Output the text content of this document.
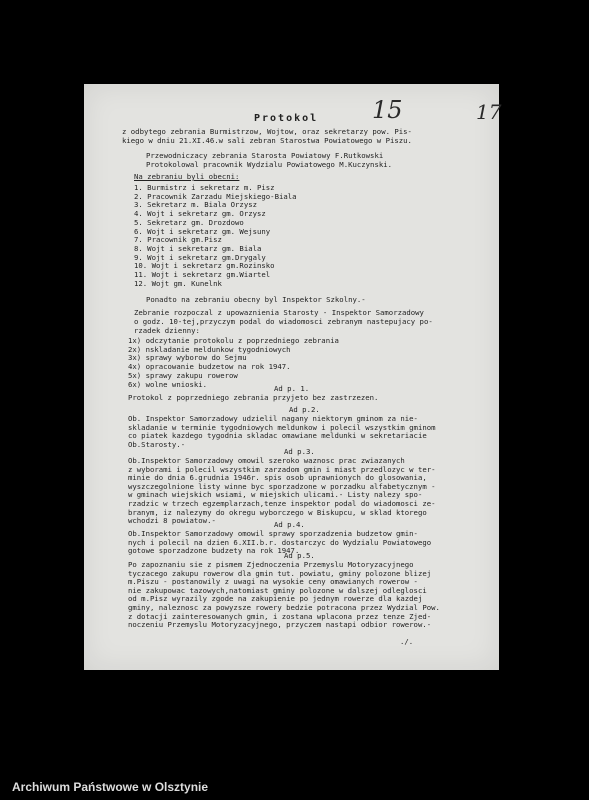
15	17
Protokol
z odbytego zebrania Burmistrzow, Wojtow, oraz sekretarzy pow. Pis-
kiego w dniu 21.XI.46.w sali zebran Starostwa Powiatowego w Piszu.
Przewodniczacy zebrania Starosta Powiatowy F.Rutkowski
Protokolowal pracownik Wydzialu Powiatowego M.Kuczynski.
Na zebraniu byli obecni:
1. Burmistrz i sekretarz m. Pisz
2. Pracownik Zarzadu Miejskiego-Biala
3. Sekretarz m. Biala Orzysz
4. Wojt i sekretarz gm. Orzysz
5. Sekretarz gm. Drozdowo
6. Wojt i sekretarz gm. Wejsuny
7. Pracownik gm.Pisz
8. Wojt i sekretarz gm. Biala
9. Wojt i sekretarz gm.Drygaly
10. Wojt i sekretarz gm.Rozinsko
11. Wojt i sekretarz gm.Wiartel
12. Wojt gm. Kunelnk
Ponadto na zebraniu obecny byl Inspektor Szkolny.-
Zebranie rozpoczal z upowaznienia Starosty - Inspektor Samorzadowy
o godz. 10-tej,przyczym podal do wiadomosci zebranym nastepujacy po-
rzadek dzienny:
1x) odczytanie protokolu z poprzedniego zebrania
2x) nskladanie meldunkow tygodniowych
3x) sprawy wyborow do Sejmu
4x) opracowanie budzetow na rok 1947.
5x) sprawy zakupu rowerow
6x) wolne wnioski.	Ad p. 1.
Protokol z poprzedniego zebrania przyjeto bez zastrzezen.
Ad p.2.
Ob. Inspektor Samorzadowy udzielil nagany niektorym gminom za nie-
skladanie w terminie tygodniowych meldunkow i polecil wszystkim gminom
co piatek kazdego tygodnia skladac omawiane meldunki w sekretariacie
Ob.Starosty.-
Ad p.3.
Ob.Inspektor Samorzadowy omowil szeroko waznosc prac zwiazanych
z wyborami i polecil wszystkim zarzadom gmin i miast przedlozyc w ter-
minie do dnia 6.grudnia 1946r. spis osob uprawnionych do glosowania,
wyszczegolnione listy winne byc sporzadzone w porzadku alfabetycznym -
w gminach wiejskich wsiami, w miejskich ulicami.- Listy nalezy spo-
rzadzic w trzech egzemplarzach,tenze inspektor podal do wiadomosci ze-
branym, iz nalezymy do okregu wyborczego w Biskupcu, w sklad ktorego
wchodzi 8 powiatow.-	Ad p.4.
Ob.Inspektor Samorzadowy omowil sprawy sporzadzenia budzetow gmin-
nych i polecil na dzien 6.XII.b.r. dostarczyc do Wydzialu Powiatowego
gotowe sporzadzone budzety na rok 1947.
Ad p.5.
Po zapoznaniu sie z pismem Zjednoczenia Przemyslu Motoryzacyjnego
tyczacego zakupu rowerow dla gmin tut. powiatu, gminy polozone blizej
m.Piszu - postanowily z uwagi na wysokie ceny omawianych rowerow -
nie zakupowac tazowych,natomiast gminy polozone w dalszej odleglosci
od m.Pisz wyrazily zgode na zakupienie po jednym rowerze dla kazdej
gminy, naleznosc za powyzsze rowery bedzie potracona przez Wydzial Pow.
z dotacji zainteresowanych gmin, i zostana wplacona przez tenze Zjed-
noczeniu Przemyslu Motoryzacyjnego, przyczem nastapi odbior rowerow.-
./.
Archiwum Państwowe w Olsztynie
